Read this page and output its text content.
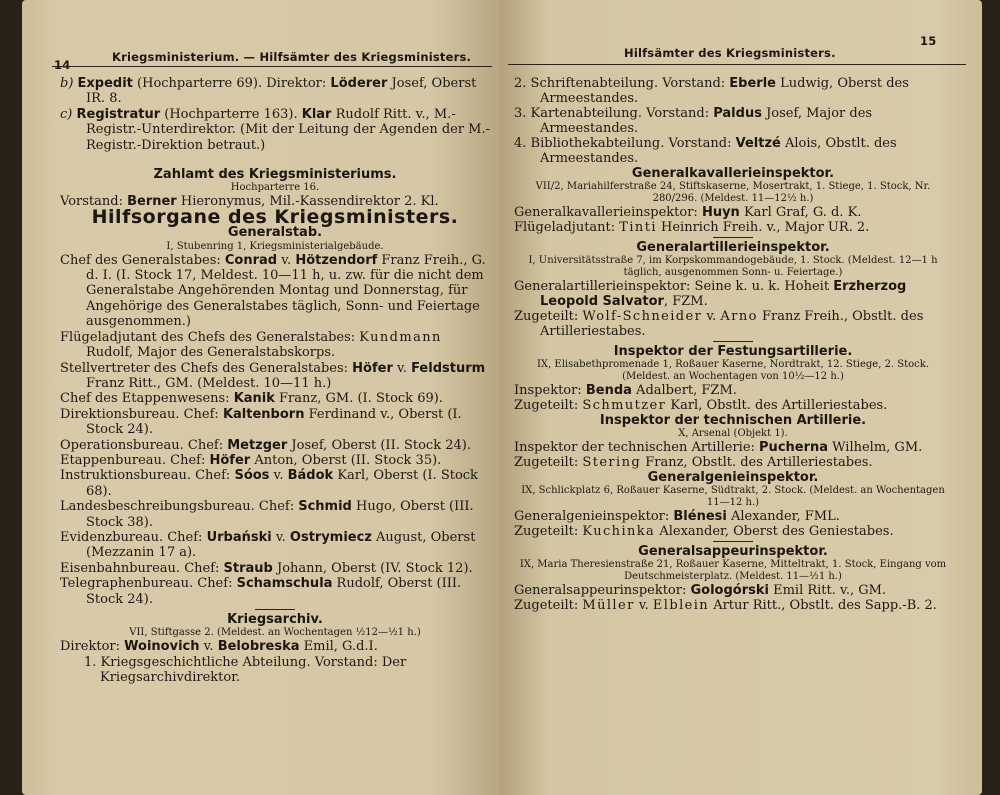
14
Kriegsministerium. — Hilfsämter des Kriegsministers.

b) Expedit (Hochparterre 69). Direktor: Löderer Josef, Oberst IR. 8.

c) Registratur (Hochparterre 163). Klar Rudolf Ritt. v., M.-Registr.-Unterdirektor. (Mit der Leitung der Agenden der M.-Registr.-Direktion betraut.)

Zahlamt des Kriegsministeriums.

Hochparterre 16.

Vorstand: Berner Hieronymus, Mil.-Kassendirektor 2. Kl.

Hilfsorgane des Kriegsministers.

Generalstab.

I, Stubenring 1, Kriegsministerialgebäude.

Chef des Generalstabes: Conrad v. Hötzendorf Franz Freih., G. d. I. (I. Stock 17, Meldest. 10—11 h, u. zw. für die nicht dem Generalstabe Angehörenden Montag und Donnerstag, für Angehörige des Generalstabes täglich, Sonn- und Feiertage ausgenommen.)

Flügeladjutant des Chefs des Generalstabes: Kundmann Rudolf, Major des Generalstabskorps.

Stellvertreter des Chefs des Generalstabes: Höfer v. Feldsturm Franz Ritt., GM. (Meldest. 10—11 h.)

Chef des Etappenwesens: Kanik Franz, GM. (I. Stock 69).

Direktionsbureau. Chef: Kaltenborn Ferdinand v., Oberst (I. Stock 24).

Operationsbureau. Chef: Metzger Josef, Oberst (II. Stock 24).

Etappenbureau. Chef: Höfer Anton, Oberst (II. Stock 35).

Instruktionsbureau. Chef: Sóos v. Bádok Karl, Oberst (I. Stock 68).

Landesbeschreibungsbureau. Chef: Schmid Hugo, Oberst (III. Stock 38).

Evidenzbureau. Chef: Urbański v. Ostrymiecz August, Oberst (Mezzanin 17 a).

Eisenbahnbureau. Chef: Straub Johann, Oberst (IV. Stock 12).

Telegraphenbureau. Chef: Schamschula Rudolf, Oberst (III. Stock 24).

Kriegsarchiv.

VII, Stiftgasse 2. (Meldest. an Wochentagen ½12—½1 h.)

Direktor: Woinovich v. Belobreska Emil, G.d.I.

1. Kriegsgeschichtliche Abteilung. Vorstand: Der Kriegsarchivdirektor.

Hilfsämter des Kriegsministers.
15

2. Schriftenabteilung. Vorstand: Eberle Ludwig, Oberst des Armeestandes.

3. Kartenabteilung. Vorstand: Paldus Josef, Major des Armeestandes.

4. Bibliothekabteilung. Vorstand: Veltzé Alois, Obstlt. des Armeestandes.

Generalkavallerieinspektor.

VII/2, Mariahilferstraße 24, Stiftskaserne, Mosertrakt, 1. Stiege, 1. Stock, Nr. 280/296. (Meldest. 11—12½ h.)

Generalkavallerieinspektor: Huyn Karl Graf, G. d. K.

Flügeladjutant: Tinti Heinrich Freih. v., Major UR. 2.

Generalartillerieinspektor.

I, Universitätsstraße 7, im Korpskommandogebäude, 1. Stock. (Meldest. 12—1 h täglich, ausgenommen Sonn- u. Feiertage.)

Generalartillerieinspektor: Seine k. u. k. Hoheit Erzherzog Leopold Salvator, FZM.

Zugeteilt: Wolf-Schneider v. Arno Franz Freih., Obstlt. des Artilleriestabes.

Inspektor der Festungsartillerie.

IX, Elisabethpromenade 1, Roßauer Kaserne, Nordtrakt, 12. Stiege, 2. Stock. (Meldest. an Wochentagen von 10½—12 h.)

Inspektor: Benda Adalbert, FZM.

Zugeteilt: Schmutzer Karl, Obstlt. des Artilleriestabes.

Inspektor der technischen Artillerie.

X, Arsenal (Objekt 1).

Inspektor der technischen Artillerie: Pucherna Wilhelm, GM.

Zugeteilt: Stering Franz, Obstlt. des Artilleriestabes.

Generalgenieinspektor.

IX, Schlickplatz 6, Roßauer Kaserne, Südtrakt, 2. Stock. (Meldest. an Wochentagen 11—12 h.)

Generalgenieinspektor: Blénesi Alexander, FML.

Zugeteilt: Kuchinka Alexander, Oberst des Geniestabes.

Generalsappeurinspektor.

IX, Maria Theresienstraße 21, Roßauer Kaserne, Mitteltrakt, 1. Stock, Eingang vom Deutschmeisterplatz. (Meldest. 11—½1 h.)

Generalsappeurinspektor: Gologórski Emil Ritt. v., GM.

Zugeteilt: Müller v. Elblein Artur Ritt., Obstlt. des Sapp.-B. 2.
